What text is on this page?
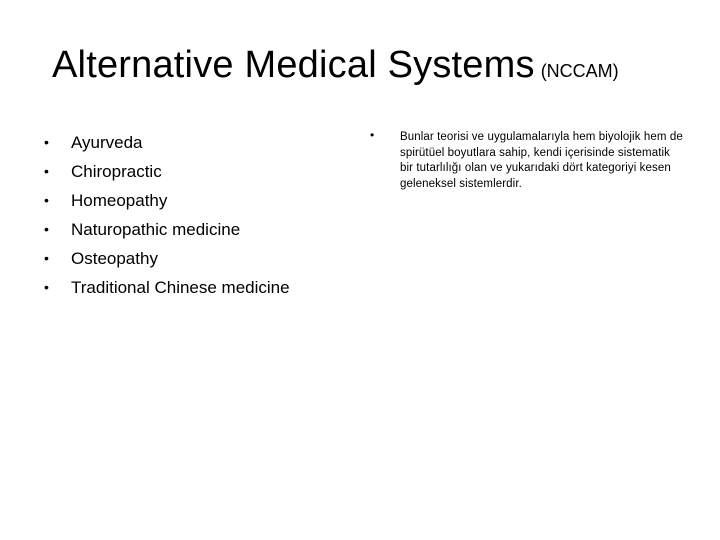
Alternative Medical Systems (NCCAM)
• Ayurveda
• Chiropractic
• Homeopathy
• Naturopathic medicine
• Osteopathy
• Traditional Chinese medicine
• Bunlar teorisi ve uygulamalarıyla hem biyolojik hem de spirütüel boyutlara sahip, kendi içerisinde sistematik bir tutarlılığı olan ve yukarıdaki dört kategoriyi kesen geleneksel sistemlerdir.
